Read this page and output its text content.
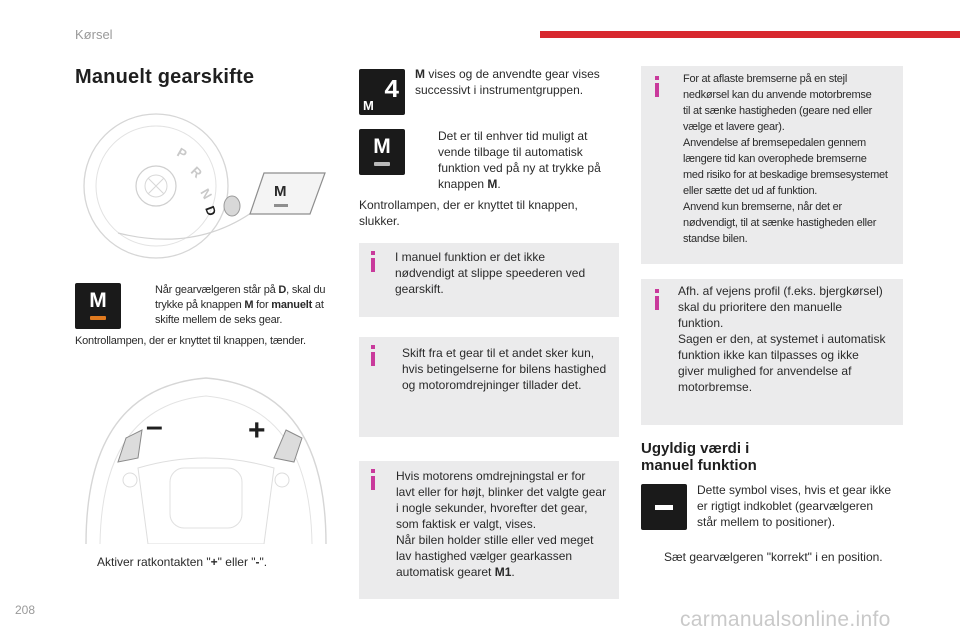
Kørsel
Manuelt gearskifte
P
R
N
D
M
M	Når gearvælgeren står på D, skal du
trykke på knappen M for manuelt at
skifte mellem de seks gear.
Kontrollampen, der er knyttet til knappen, tænder.
–	+
Aktiver ratkontakten "+" eller "-".
4
M
M vises og de anvendte gear vises
successivt i instrumentgruppen.
M	Det er til enhver tid muligt at
vende tilbage til automatisk
funktion ved på ny at trykke på
knappen M.
Kontrollampen, der er knyttet til knappen,
slukker.
I manuel funktion er det ikke
nødvendigt at slippe speederen ved
gearskift.
Skift fra et gear til et andet sker kun,
hvis betingelserne for bilens hastighed
og motoromdrejninger tillader det.
Hvis motorens omdrejningstal er for
lavt eller for højt, blinker det valgte gear
i nogle sekunder, hvorefter det gear,
som faktisk er valgt, vises.
Når bilen holder stille eller ved meget
lav hastighed vælger gearkassen
automatisk gearet M1.
For at aflaste bremserne på en stejl
nedkørsel kan du anvende motorbremse
til at sænke hastigheden (geare ned eller
vælge et lavere gear).
Anvendelse af bremsepedalen gennem
længere tid kan overophede bremserne
med risiko for at beskadige bremsesystemet
eller sætte det ud af funktion.
Anvend kun bremserne, når det er
nødvendigt, til at sænke hastigheden eller
standse bilen.
Afh. af vejens profil (f.eks. bjergkørsel)
skal du prioritere den manuelle
funktion.
Sagen er den, at systemet i automatisk
funktion ikke kan tilpasses og ikke
giver mulighed for anvendelse af
motorbremse.
Ugyldig værdi i
manuel funktion
Dette symbol vises, hvis et gear ikke
er rigtigt indkoblet (gearvælgeren
står mellem to positioner).
Sæt gearvælgeren "korrekt" i en position.
208	carmanualsonline.info
